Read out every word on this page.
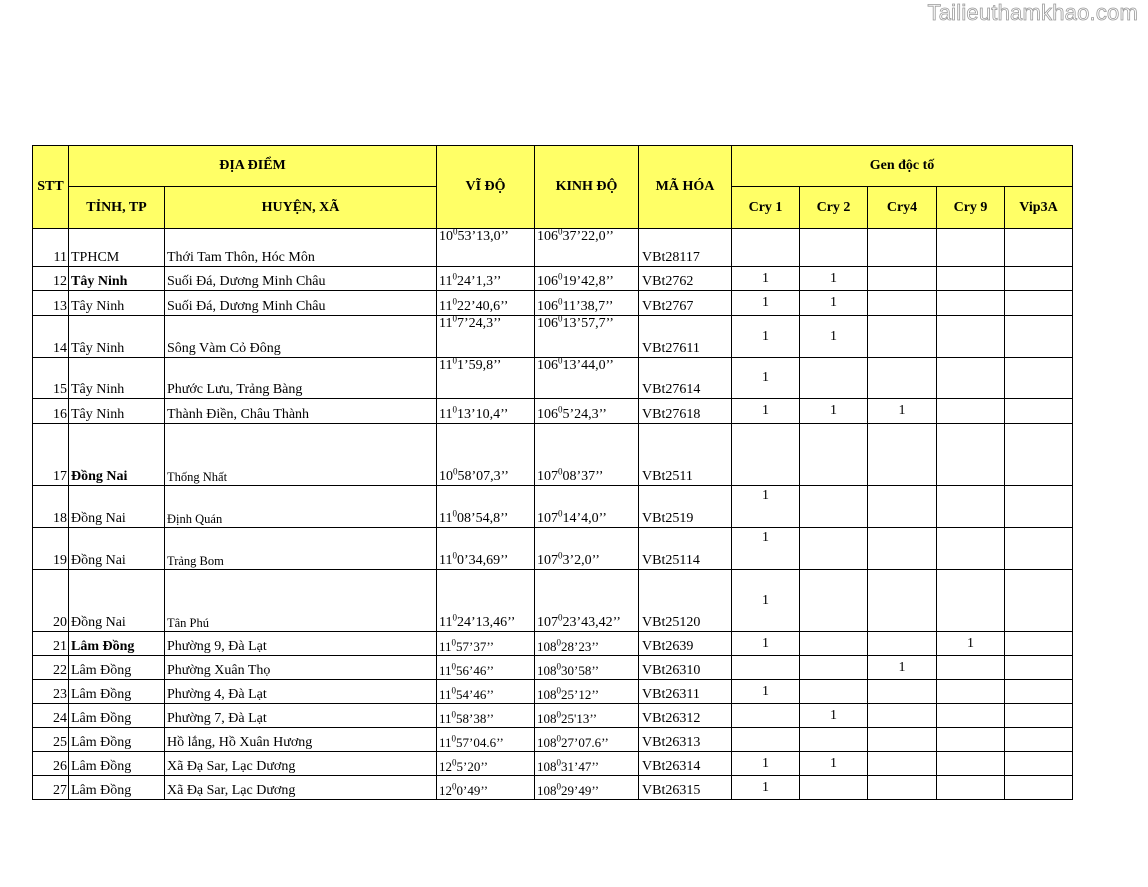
Tailieuthamkhao.com
STT	ĐỊA ĐIỂM		VĨ ĐỘ	KINH ĐỘ	MÃ HÓA	Gen độc tố				
	TỈNH, TP	HUYỆN, XÃ				Cry 1	Cry 2	Cry4	Cry 9	Vip3A
11	TPHCM	Thới Tam Thôn, Hóc Môn	$10^053’13,0$’’	$106^037’22,0$’’	VBt28117					
12	Tây Ninh	Suối Đá, Dương Minh Châu	$11^024’1,3$’’	$106^019’42,8$’’	VBt2762	1	1			
13	Tây Ninh	Suối Đá, Dương Minh Châu	$11^022’40,6$’’	$106^011’38,7$’’	VBt2767	1	1			
14	Tây Ninh	Sông Vàm Cỏ Đông	$11^07’24,3$’’	$106^013’57,7$’’	VBt27611	1	1			
15	Tây Ninh	Phước Lưu, Trảng Bàng	$11^01’59,8$’’	$106^013’44,0$’’	VBt27614	1				
16	Tây Ninh	Thành Điền, Châu Thành	$11^013’10,4$’’	$106^05’24,3$’’	VBt27618	1	1	1		
17	Đồng Nai	Thống Nhất	$10^058’07,3$’’	$107^008’37$’’	VBt2511					
18	Đồng Nai	Định Quán	$11^008’54,8$’’	$107^014’4,0$’’	VBt2519	1				
19	Đồng Nai	Trảng Bom	$11^00’34,69$’’	$107^03’2,0$’’	VBt25114	1				
20	Đồng Nai	Tân Phú	$11^024’13,46$’’	$107^023’43,42$’’	VBt25120	1				
21	Lâm Đồng	Phường 9, Đà Lạt	$11^057’37$’’	$108^028’23$’’	VBt2639	1			1	
22	Lâm Đồng	Phường Xuân Thọ	$11^056’46$’’	$108^030’58$’’	VBt26310			1		
23	Lâm Đồng	Phường 4, Đà Lạt	$11^054’46$’’	$108^025’12$’’	VBt26311	1				
24	Lâm Đồng	Phường 7, Đà Lạt	$11^058’38$’’	$108^025'13$’’	VBt26312		1			
25	Lâm Đồng	Hồ lắng, Hồ Xuân Hương	$11^057’04.6$’’	$108^027’07.6$’’	VBt26313					
26	Lâm Đồng	Xã Đạ Sar, Lạc Dương	$12^05’20$’’	$108^031’47$’’	VBt26314	1	1			
27	Lâm Đồng	Xã Đạ Sar, Lạc Dương	$12^00’49$’’	$108^029’49$’’	VBt26315	1				
